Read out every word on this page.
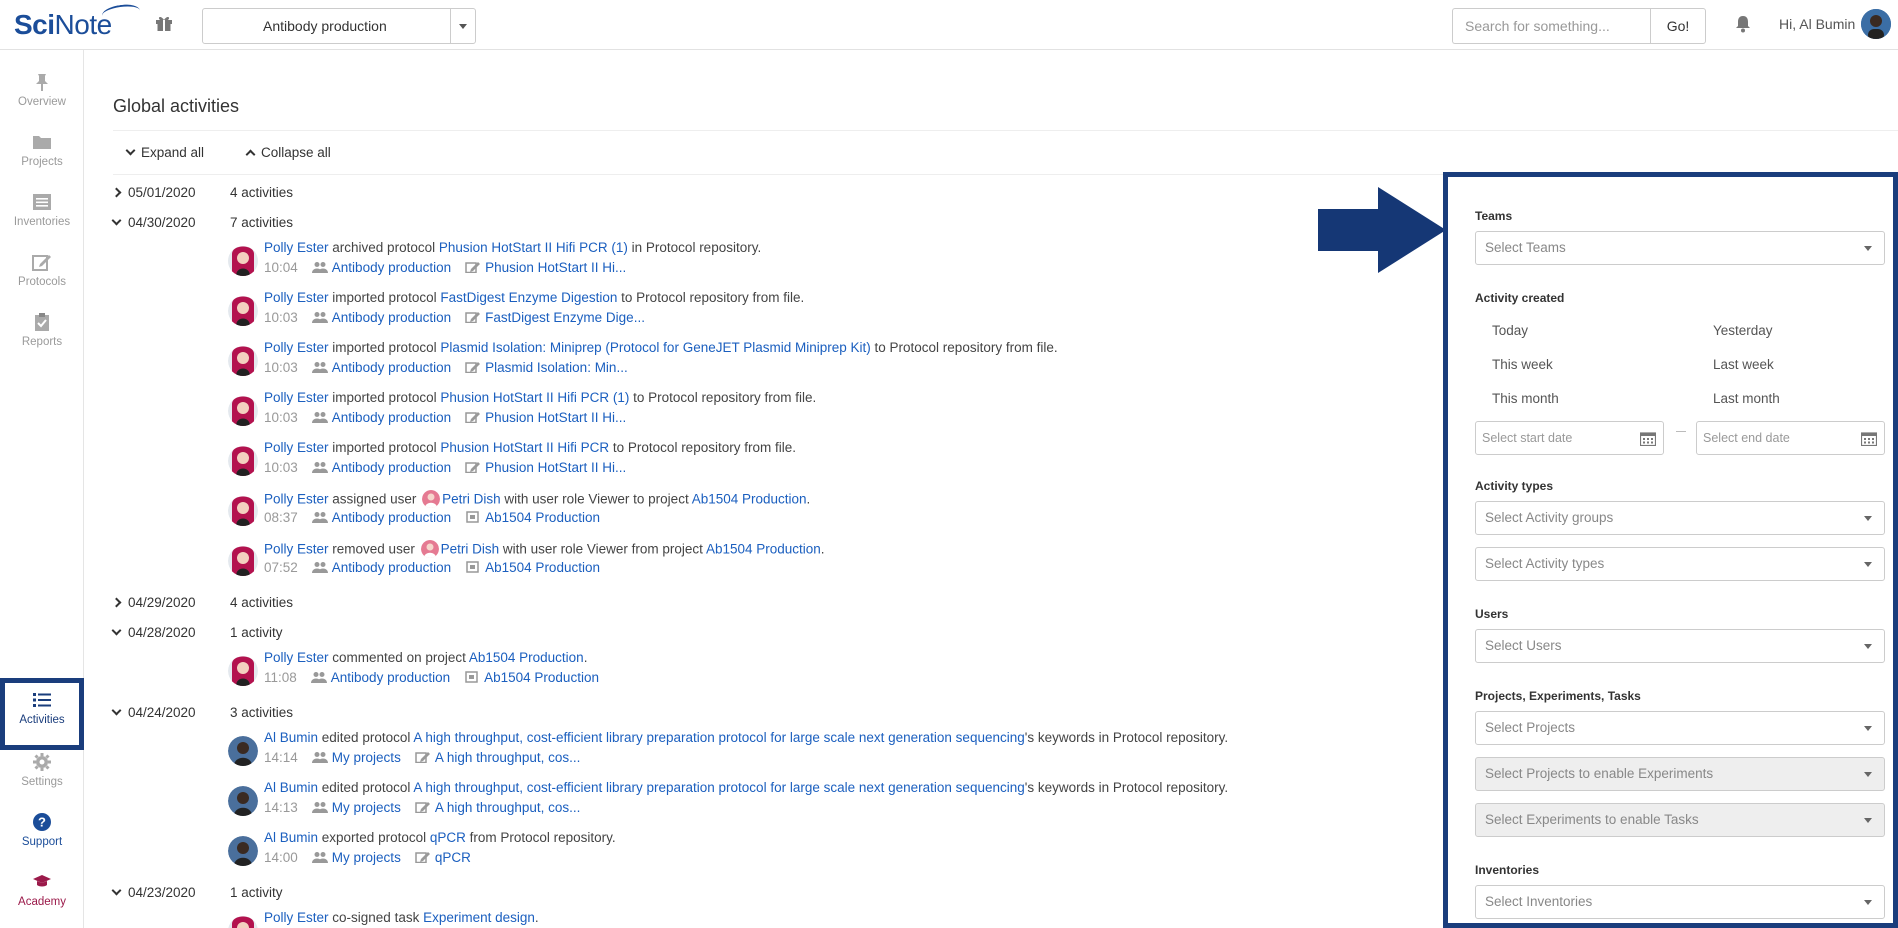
SciNote	Antibody production	Search for something...	Go!	Hi, Al Bumin
Overview
Projects
Inventories
Protocols
Reports
Activities
Settings
?
Support
Academy
Global activities
Expand all	Collapse all
05/01/2020	4 activities
04/30/2020	7 activities
Polly Ester archived protocol Phusion HotStart II Hifi PCR (1) in Protocol repository.
10:04	Antibody production	Phusion HotStart II Hi...
Polly Ester imported protocol FastDigest Enzyme Digestion to Protocol repository from file.
10:03	Antibody production	FastDigest Enzyme Dige...
Polly Ester imported protocol Plasmid Isolation: Miniprep (Protocol for GeneJET Plasmid Miniprep Kit) to Protocol repository from file.
10:03	Antibody production	Plasmid Isolation: Min...
Polly Ester imported protocol Phusion HotStart II Hifi PCR (1) to Protocol repository from file.
10:03	Antibody production	Phusion HotStart II Hi...
Polly Ester imported protocol Phusion HotStart II Hifi PCR to Protocol repository from file.
10:03	Antibody production	Phusion HotStart II Hi...
Polly Ester assigned user Petri Dish with user role Viewer to project Ab1504 Production.
08:37	Antibody production	Ab1504 Production
Polly Ester removed user Petri Dish with user role Viewer from project Ab1504 Production.
07:52	Antibody production	Ab1504 Production
04/29/2020	4 activities
04/28/2020	1 activity
Polly Ester commented on project Ab1504 Production.
11:08	Antibody production	Ab1504 Production
04/24/2020	3 activities
Al Bumin edited protocol A high throughput, cost-efficient library preparation protocol for large scale next generation sequencing's keywords in Protocol repository.
14:14	My projects	A high throughput, cos...
Al Bumin edited protocol A high throughput, cost-efficient library preparation protocol for large scale next generation sequencing's keywords in Protocol repository.
14:13	My projects	A high throughput, cos...
Al Bumin exported protocol qPCR from Protocol repository.
14:00	My projects	qPCR
04/23/2020	1 activity
Polly Ester co-signed task Experiment design.
Teams
Select Teams
Activity created
Today	Yesterday
This week	Last week
This month	Last month
Select start date	Select end date
Activity types
Select Activity groups
Select Activity types
Users
Select Users
Projects, Experiments, Tasks
Select Projects
Select Projects to enable Experiments
Select Experiments to enable Tasks
Inventories
Select Inventories
